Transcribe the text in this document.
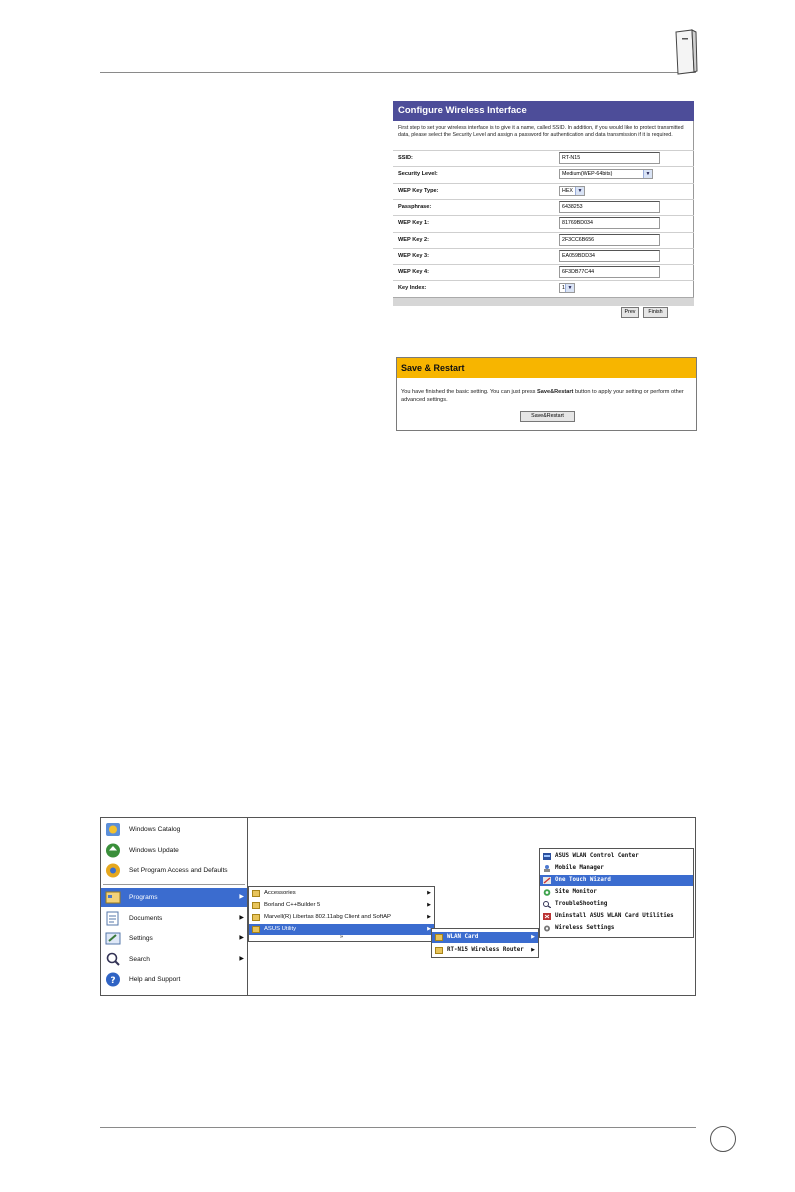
Configure Wireless Interface
First step to set your wireless interface is to give it a name, called SSID. In addition, if you would like to protect transmitted data, please select the Security Level and assign a password for authentication and data transmission if it is required.
SSID:	RT-N15
Security Level:	Medium(WEP-64bits)	▼
WEP Key Type:	HEX ▼
Passphrase:	6438253
WEP Key 1:	81769BD034
WEP Key 2:	2F3CC6B656
WEP Key 3:	EA059BDD34
WEP Key 4:	6F3DB77C44
Key Index:	1 ▼
Prev	Finish
Save & Restart
You have finished the basic setting. You can just press Save&Restart button to apply your setting or perform other advanced settings.
Save&Restart
Windows Catalog
Windows Update
Set Program Access and Defaults
Programs	▶
Documents	▶
Settings	▶
Search	▶
? Help and Support
Accessories	▶
Borland C++Builder 5	▶
Marvell(R) Libertas 802.11abg Client and SoftAP	▶
ASUS Utility	▶
»	WLAN Card	▶
RT-N15 Wireless Router ▶
ASUS WLAN Control Center
Mobile Manager
One Touch Wizard
Site Monitor
TroubleShooting
Uninstall ASUS WLAN Card Utilities
Wireless Settings
